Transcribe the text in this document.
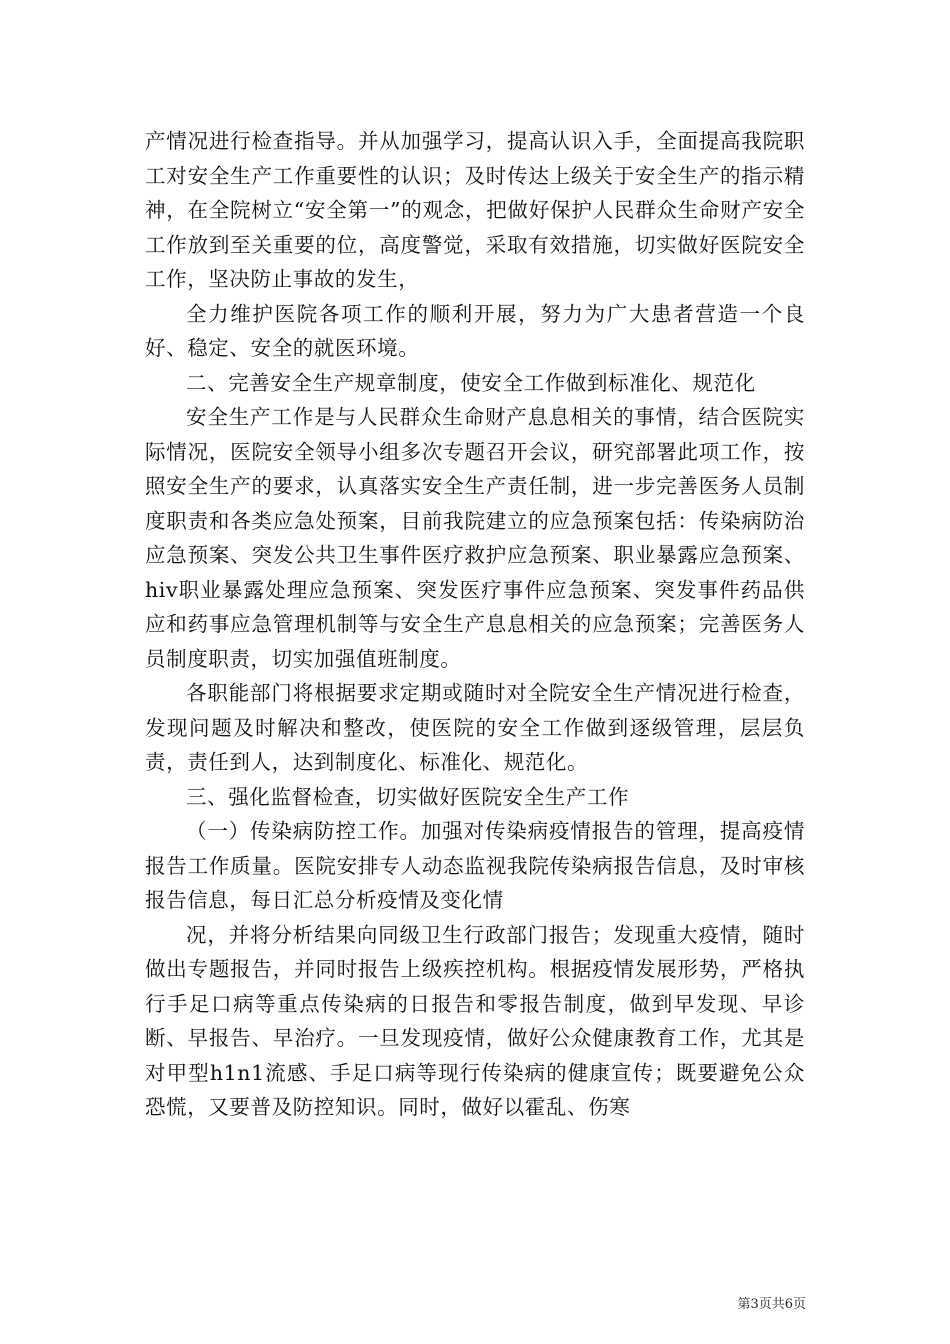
产情况进行检查指导。并从加强学习，提高认识入手，全面提高我院职工对安全生产工作重要性的认识；及时传达上级关于安全生产的指示精神，在全院树立“安全第一”的观念，把做好保护人民群众生命财产安全工作放到至关重要的位，高度警觉，采取有效措施，切实做好医院安全工作，坚决防止事故的发生，

全力维护医院各项工作的顺利开展，努力为广大患者营造一个良好、稳定、安全的就医环境。

二、完善安全生产规章制度，使安全工作做到标准化、规范化

安全生产工作是与人民群众生命财产息息相关的事情，结合医院实际情况，医院安全领导小组多次专题召开会议，研究部署此项工作，按照安全生产的要求，认真落实安全生产责任制，进一步完善医务人员制度职责和各类应急处预案，目前我院建立的应急预案包括：传染病防治应急预案、突发公共卫生事件医疗救护应急预案、职业暴露应急预案、hiv职业暴露处理应急预案、突发医疗事件应急预案、突发事件药品供应和药事应急管理机制等与安全生产息息相关的应急预案；完善医务人员制度职责，切实加强值班制度。

各职能部门将根据要求定期或随时对全院安全生产情况进行检查，发现问题及时解决和整改，使医院的安全工作做到逐级管理，层层负责，责任到人，达到制度化、标准化、规范化。

三、强化监督检查，切实做好医院安全生产工作

（一）传染病防控工作。加强对传染病疫情报告的管理，提高疫情报告工作质量。医院安排专人动态监视我院传染病报告信息，及时审核报告信息，每日汇总分析疫情及变化情

况，并将分析结果向同级卫生行政部门报告；发现重大疫情，随时做出专题报告，并同时报告上级疾控机构。根据疫情发展形势，严格执行手足口病等重点传染病的日报告和零报告制度，做到早发现、早诊断、早报告、早治疗。一旦发现疫情，做好公众健康教育工作，尤其是对甲型h1n1流感、手足口病等现行传染病的健康宣传；既要避免公众恐慌，又要普及防控知识。同时，做好以霍乱、伤寒

第3页共6页
